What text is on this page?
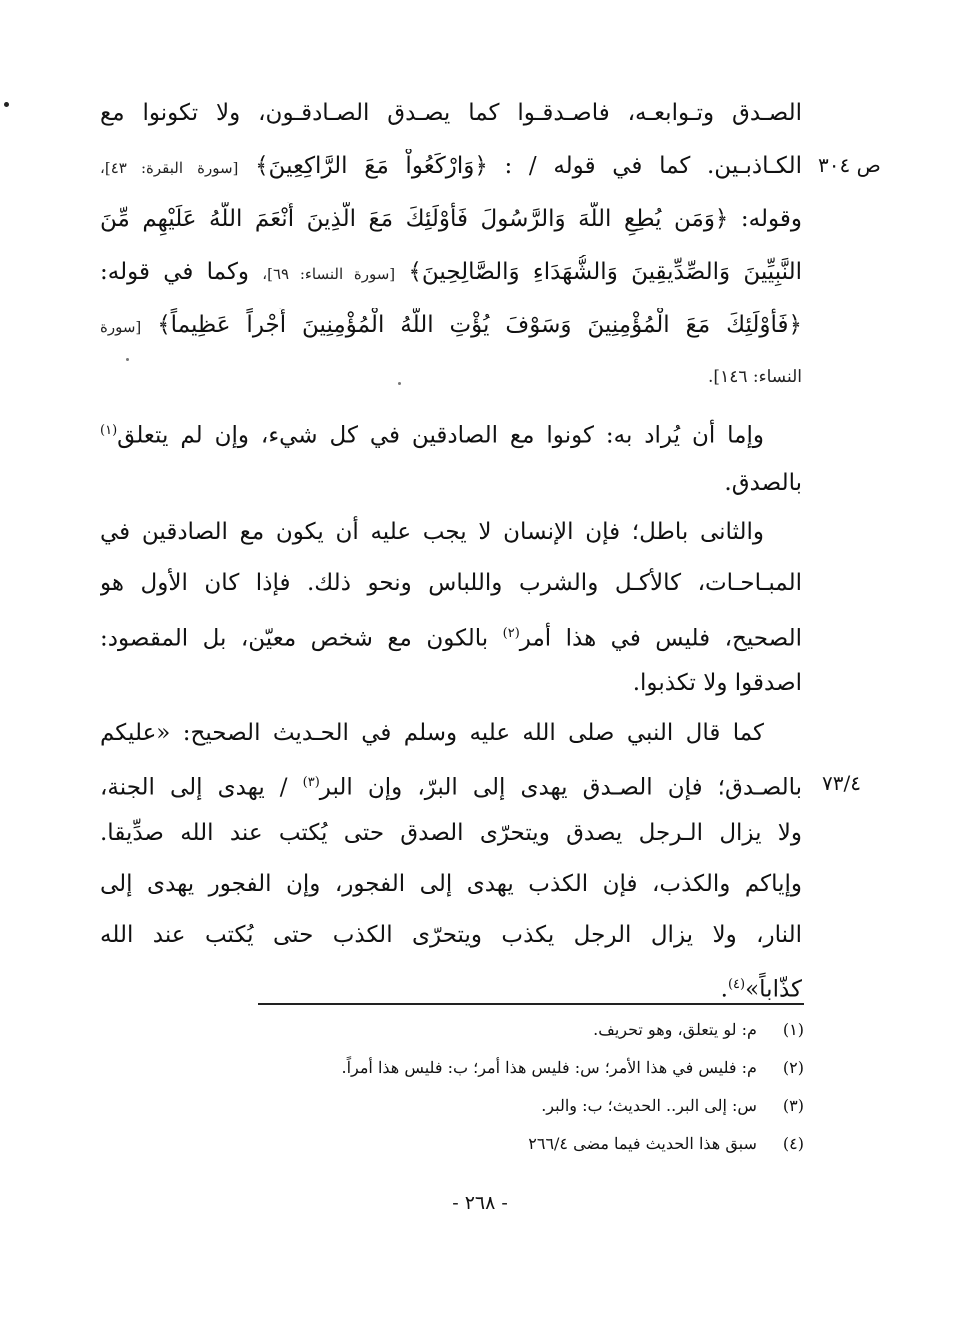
ص ٣٠٤
٧٣/٤
الصـدق وتـوابعـه، فاصـدقـوا كما يصـدق الصـادقـون، ولا تكونوا مع
الكـاذبـين. كما في قوله / : ﴿وَارْكَعُواْ مَعَ الرَّاكِعِينَ﴾ [سورة البقرة: ٤٣]،
وقوله: ﴿وَمَن يُطِعِ اللَّهَ وَالرَّسُولَ فَأُوْلَئِكَ مَعَ الَّذِينَ أَنْعَمَ اللَّهُ عَلَيْهِم مِّنَ
النَّبِيِّينَ وَالصِّدِّيقِينَ وَالشُّهَدَاءِ وَالصَّالِحِينَ﴾ [سورة النساء: ٦٩]، وكما في قوله:
﴿فَأُوْلَئِكَ مَعَ الْمُؤْمِنِينَ وَسَوْفَ يُؤْتِ اللَّهُ الْمُؤْمِنِينَ أَجْراً عَظِيماً﴾ [سورة
النساء: ١٤٦].
وإما أن يُراد به: كونوا مع الصادقين في كل شيء، وإن لم يتعلق$^{(١)}$
بالصدق.
والثانى باطل؛ فإن الإنسان لا يجب عليه أن يكون مع الصادقين في
المبـاحـات، كالأكـل والشرب واللباس ونحو ذلك. فإذا كان الأول هو
الصحيح، فليس في هذا أمر$^{(٢)}$ بالكون مع شخص معيّن، بل المقصود:
اصدقوا ولا تكذبوا.
كما قال النبي صلى الله عليه وسلم في الحـديث الصحيح: «عليكم
بالصـدق؛ فإن الصـدق يهدى إلى البرّ، وإن البر$^{(٣)}$ / يهدى إلى الجنة،
ولا يزال الـرجل يصدق ويتحرّى الصدق حتى يُكتب عند الله صدِّيقا.
وإياكم والكذب، فإن الكذب يهدى إلى الفجور، وإن الفجور يهدى إلى
النار، ولا يزال الرجل يكذب ويتحرّى الكذب حتى يُكتب عند الله
كذّاباً»$^{(٤)}$.
(١) م: لو يتعلق، وهو تحريف.
(٢) م: فليس في هذا الأمر؛ س: فليس هذا أمر؛ ب: فليس هذا أمراً.
(٣) س: إلى البر.. الحديث؛ ب: والبر.
(٤) سبق هذا الحديث فيما مضى ٢٦٦/٤
- ٢٦٨ -
